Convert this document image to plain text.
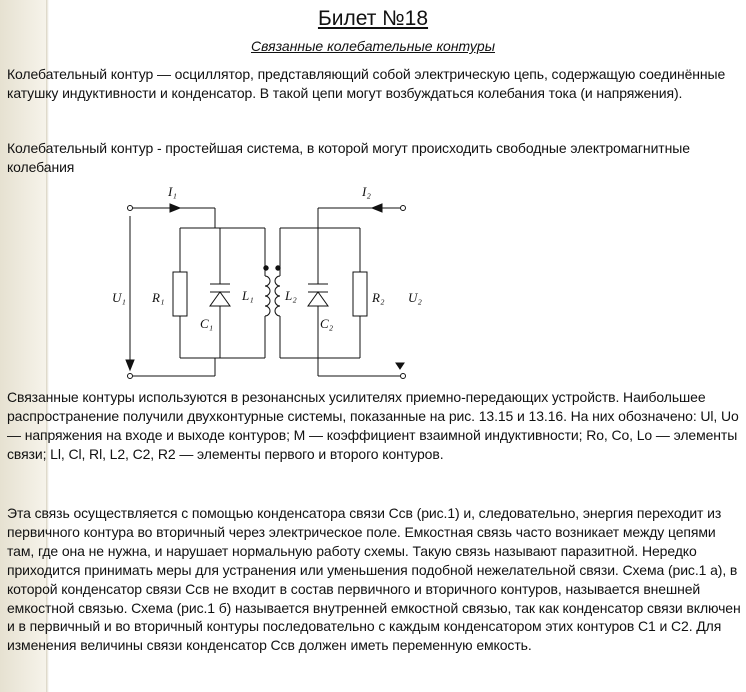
Билет №18
Связанные колебательные контуры
Колебательный контур — осциллятор, представляющий собой электрическую цепь, содержащую соединённые катушку индуктивности и конденсатор. В такой цепи могут возбуждаться колебания тока (и напряжения).
Колебательный контур - простейшая система, в которой могут происходить свободные электромагнитные колебания
I₁	I₂
U₁	U₂
R₁	R₂
C₁	C₂
L₁ L₂
Связанные контуры используются в резонансных усилителях приемно-передающих устройств. Наибольшее распространение получили двухконтурные системы, показанные на рис. 13.15 и 13.16. На них обозначено: Ul, Uo — напряжения на входе и выходе контуров; M — коэффициент взаимной индуктивности; Ro, Co, Lo — элементы связи; Ll, Cl, Rl, L2, C2, R2 — элементы первого и второго контуров.
Эта связь осуществляется с помощью конденсатора связи Ссв (рис.1) и, следовательно, энергия переходит из первичного контура во вторичный через электрическое поле. Емкостная связь часто возникает между цепями там, где она не нужна, и нарушает нормальную работу схемы. Такую связь называют паразитной. Нередко приходится принимать меры для устранения или уменьшения подобной нежелательной связи. Схема (рис.1 а), в которой конденсатор связи Ссв не входит в состав первичного и вторичного контуров, называется внешней емкостной связью. Схема (рис.1 б) называется внутренней емкостной связью, так как конденсатор связи включен и в первичный и во вторичный контуры последовательно с каждым конденсатором этих контуров С1 и С2. Для изменения величины связи конденсатор Ссв должен иметь переменную емкость.
